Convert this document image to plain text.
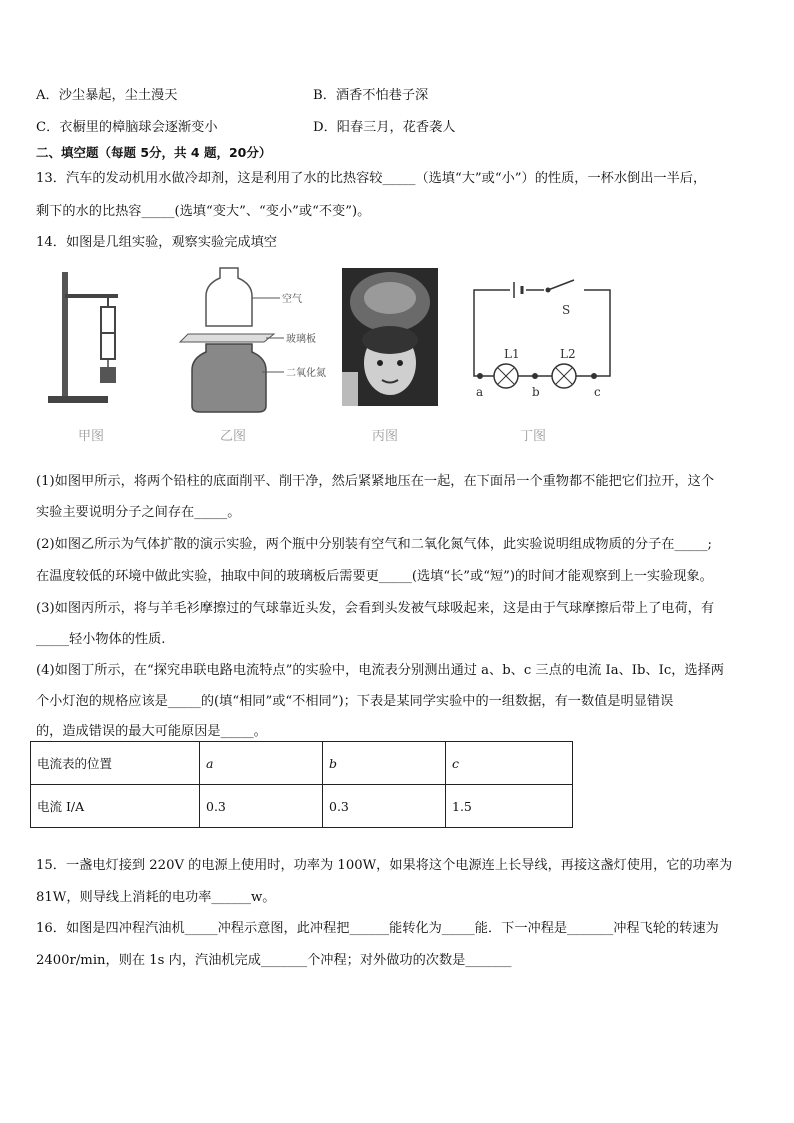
A．沙尘暴起，尘土漫天	B．酒香不怕巷子深
C．衣橱里的樟脑球会逐渐变小	D．阳春三月，花香袭人
二、填空题（每题 5分，共 4 题，20分）
13．汽车的发动机用水做冷却剂，这是利用了水的比热容较_____（选填“大”或“小”）的性质，一杯水倒出一半后，
剩下的水的比热容_____(选填“变大”、“变小”或“不变”)。
14．如图是几组实验，观察实验完成填空
甲图
空气
玻璃板
二氧化氮
乙图	丙图
S
L1	L2
a	b	c
丁图
(1)如图甲所示，将两个铅柱的底面削平、削干净，然后紧紧地压在一起，在下面吊一个重物都不能把它们拉开，这个
实验主要说明分子之间存在_____。
(2)如图乙所示为气体扩散的演示实验，两个瓶中分别装有空气和二氧化氮气体，此实验说明组成物质的分子在_____;
在温度较低的环境中做此实验，抽取中间的玻璃板后需要更_____(选填“长”或“短”)的时间才能观察到上一实验现象。
(3)如图丙所示，将与羊毛衫摩擦过的气球靠近头发，会看到头发被气球吸起来，这是由于气球摩擦后带上了电荷，有
_____轻小物体的性质.
(4)如图丁所示，在“探究串联电路电流特点”的实验中，电流表分别测出通过 a、b、c 三点的电流 Ia、Ib、Ic，选择两
个小灯泡的规格应该是_____的(填“相同”或“不相同”)；下表是某同学实验中的一组数据，有一数值是明显错误
的，造成错误的最大可能原因是_____。
电流表的位置	a	b	c
电流 I/A	0.3	0.3	1.5
15．一盏电灯接到 220V 的电源上使用时，功率为 100W，如果将这个电源连上长导线，再接这盏灯使用，它的功率为
81W，则导线上消耗的电功率______w。
16．如图是四冲程汽油机_____冲程示意图，此冲程把______能转化为_____能．下一冲程是_______冲程飞轮的转速为
2400r/min，则在 1s 内，汽油机完成_______个冲程；对外做功的次数是_______
